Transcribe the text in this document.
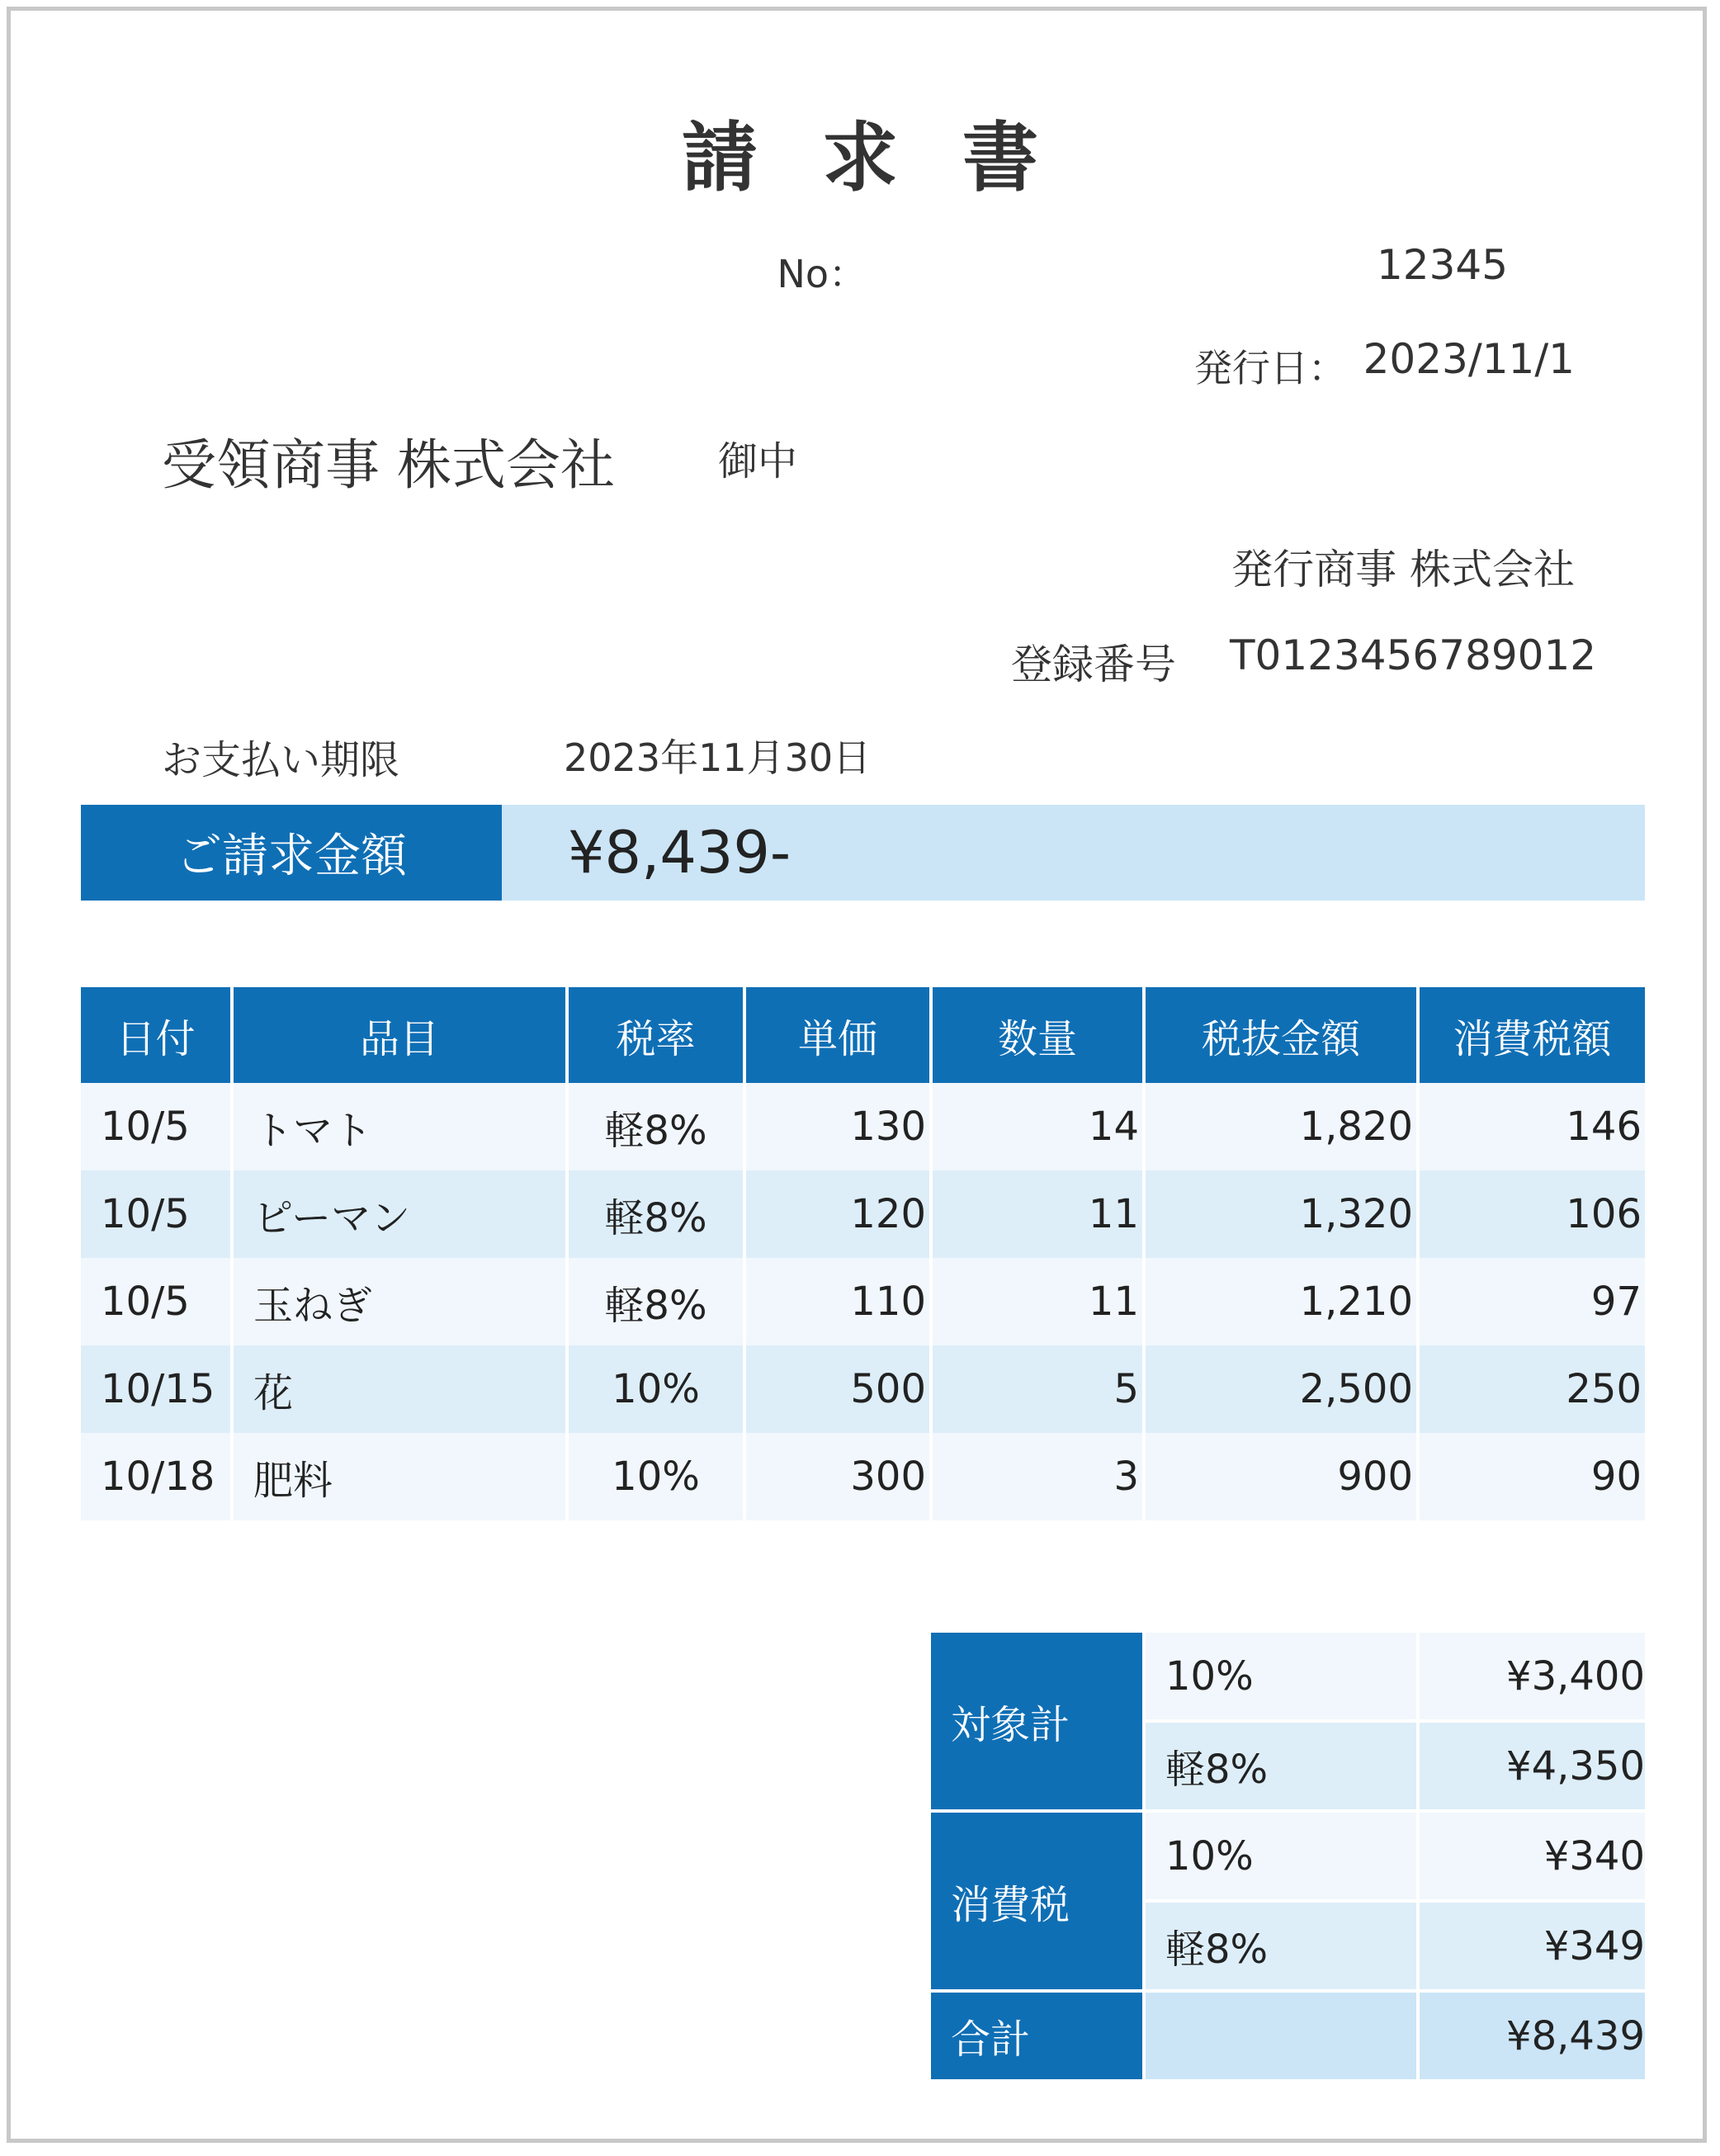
請求書
No：	12345
発行日： 2023/11/1
受領商事 株式会社	御中
発行商事 株式会社
登録番号 T0123456789012
お支払い期限	2023年11月30日
ご請求金額	¥8,439-
日付	品目	税率	単価	数量	税抜金額	消費税額
10/5	トマト	軽8%	130	14	1,820	146
10/5	ピーマン	軽8%	120	11	1,320	106
10/5	玉ねぎ	軽8%	110	11	1,210	97
10/15	花	10%	500	5	2,500	250
10/18	肥料	10%	300	3	900	90
対象計	10%	¥3,400
	軽8%	¥4,350
消費税	10%	¥340
	軽8%	¥349
合計		¥8,439
